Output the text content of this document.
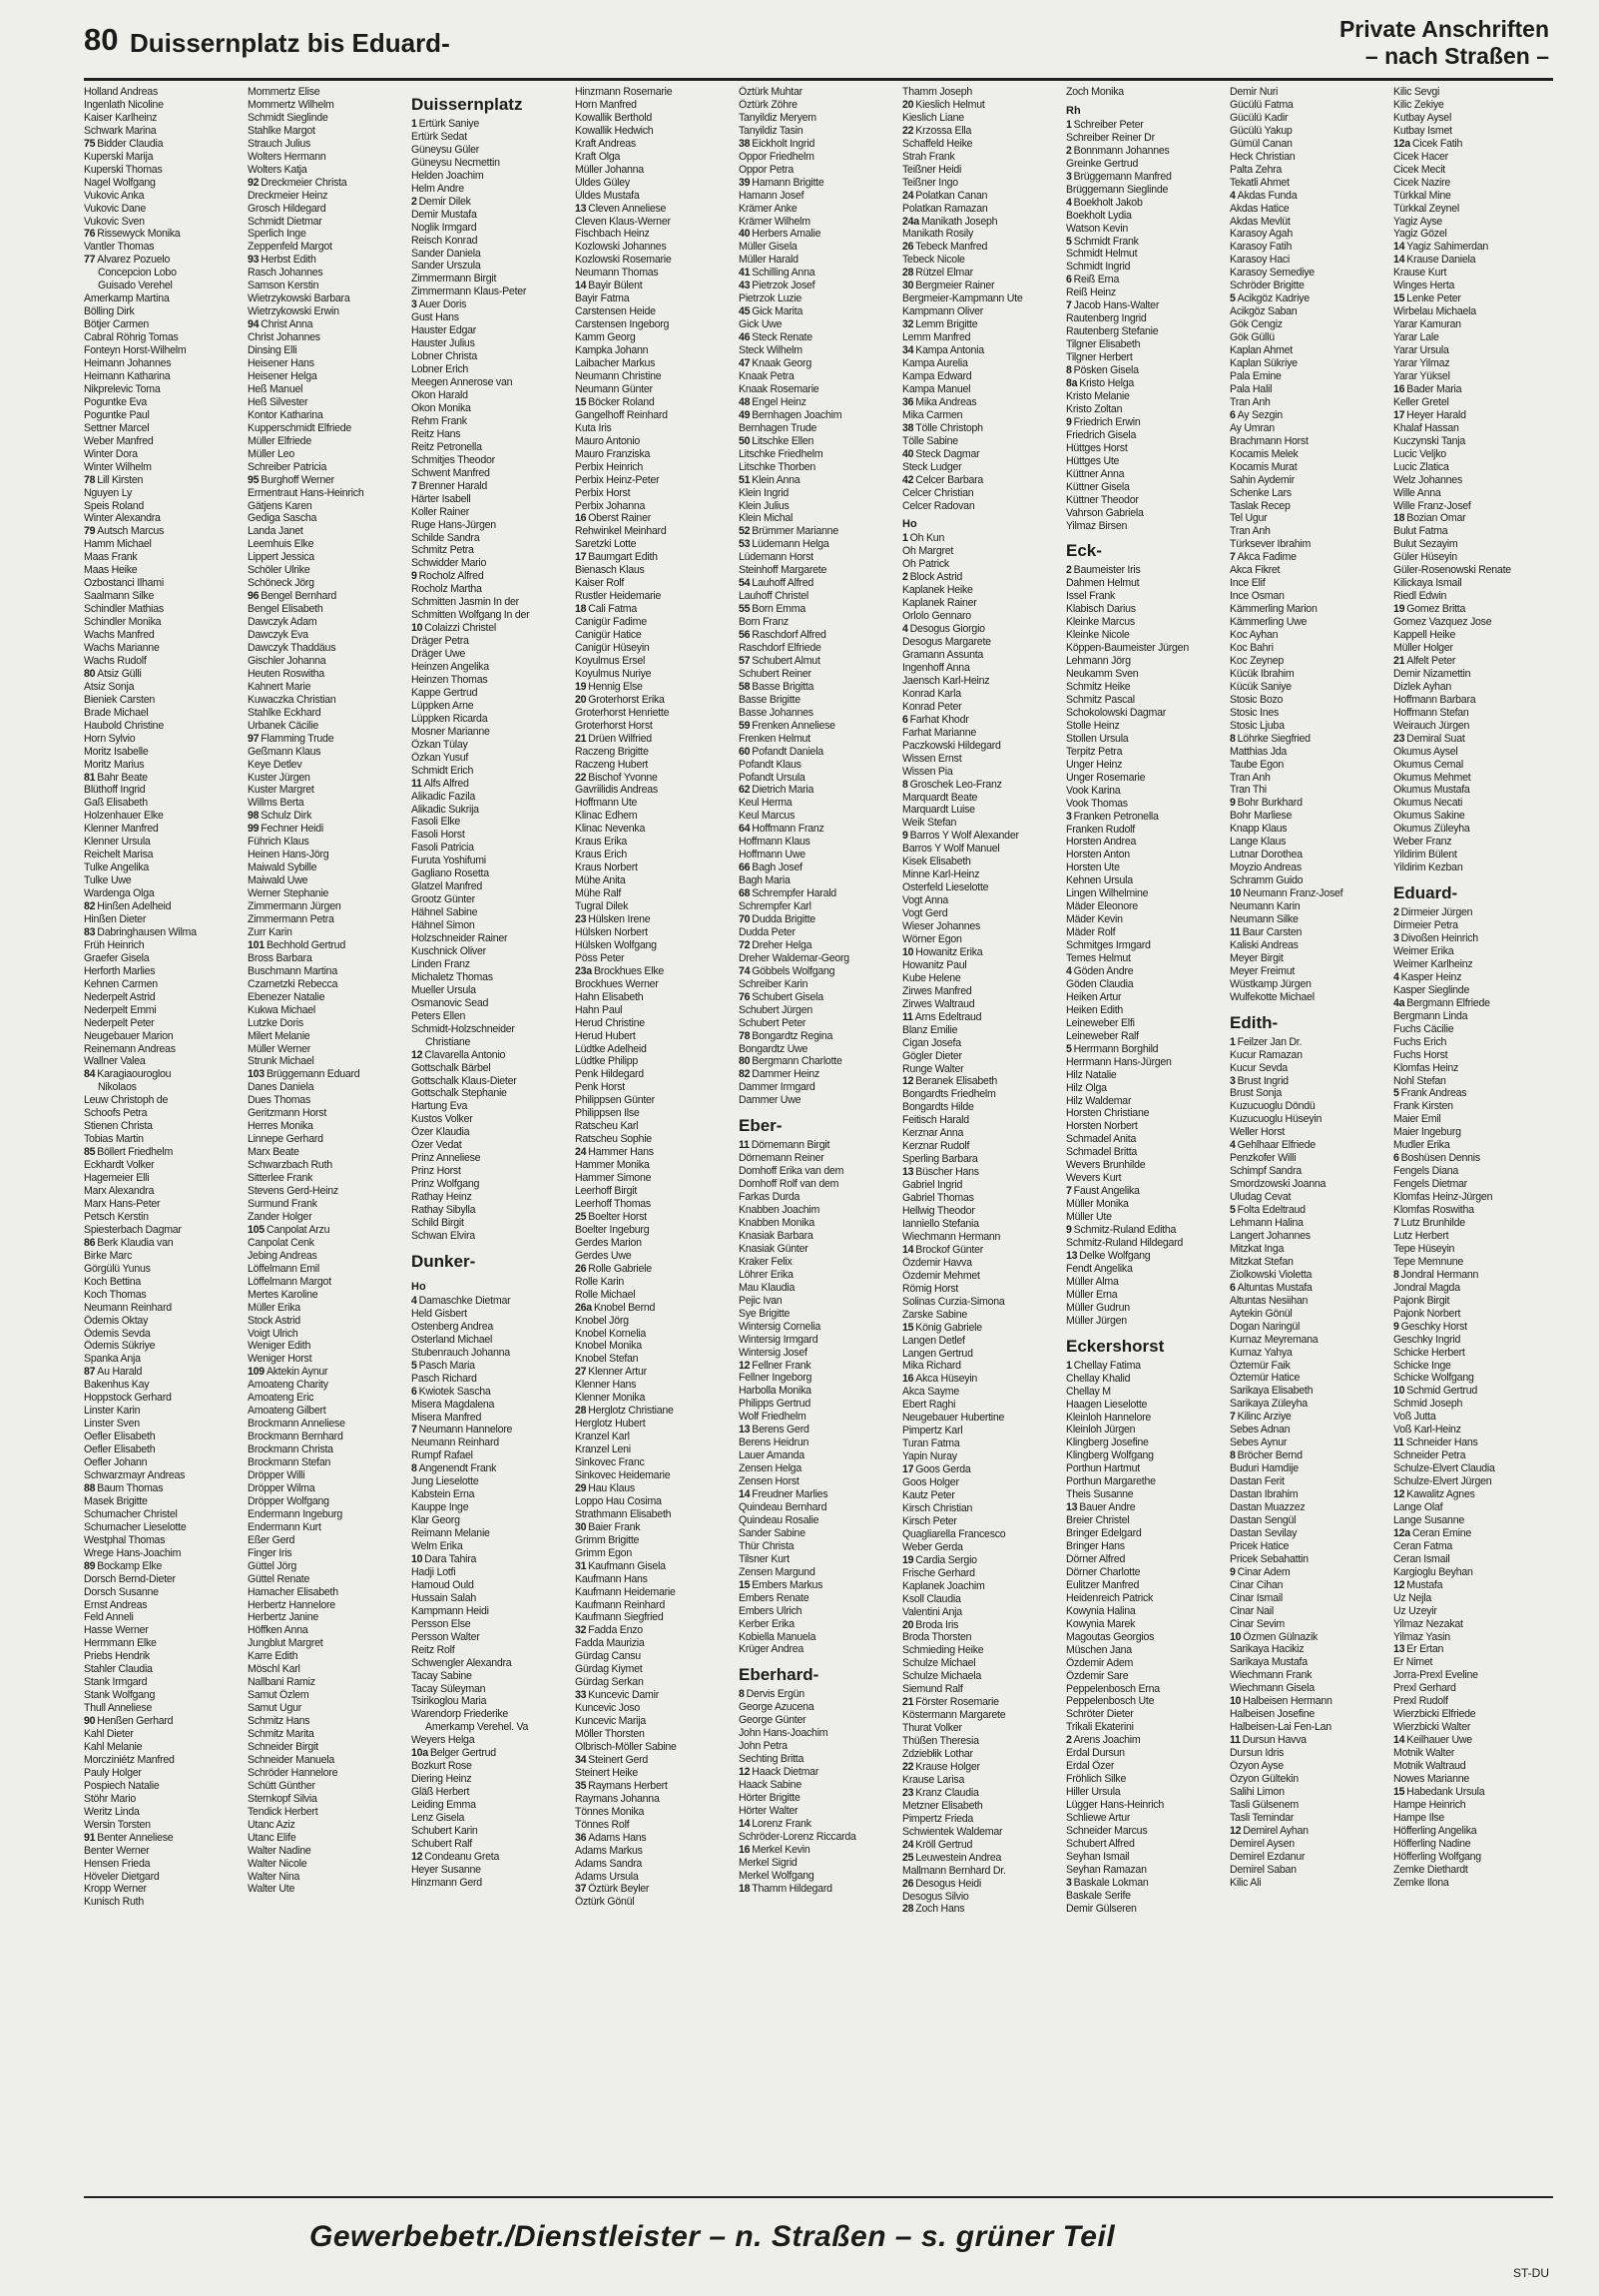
80 Duissernplatz bis Eduard-	Private Anschriften
– nach Straßen –
Holland Andreas
Ingenlath Nicoline
Kaiser Karlheinz
Schwark Marina
75 Bidder Claudia
Kuperski Marija
Kuperski Thomas
Nagel Wolfgang
Vukovic Anka
Vukovic Dane
Vukovic Sven
76 Rissewyck Monika
Vantler Thomas
77 Alvarez Pozuelo
Concepcion Lobo
Guisado Verehel
Amerkamp Martina
Bölling Dirk
Bötjer Carmen
Cabral Röhrig Tomas
Fonteyn Horst-Wilhelm
Heimann Johannes
Heimann Katharina
Nikprelevic Toma
Poguntke Eva
Poguntke Paul
Settner Marcel
Weber Manfred
Winter Dora
Winter Wilhelm
78 Lill Kirsten
Nguyen Ly
Speis Roland
Winter Alexandra
79 Autsch Marcus
Hamm Michael
Maas Frank
Maas Heike
Ozbostanci Ilhami
Saalmann Silke
Schindler Mathias
Schindler Monika
Wachs Manfred
Wachs Marianne
Wachs Rudolf
80 Atsiz Gülli
Atsiz Sonja
Bieniek Carsten
Brade Michael
Haubold Christine
Horn Sylvio
Moritz Isabelle
Moritz Marius
81 Bahr Beate
Blüthoff Ingrid
Gaß Elisabeth
Holzenhauer Elke
Klenner Manfred
Klenner Ursula
Reichelt Marisa
Tulke Angelika
Tulke Uwe
Wardenga Olga
82 Hinßen Adelheid
Hinßen Dieter
83 Dabringhausen Wilma
Früh Heinrich
Graefer Gisela
Herforth Marlies
Kehnen Carmen
Nederpelt Astrid
Nederpelt Emmi
Nederpelt Peter
Neugebauer Marion
Reinemann Andreas
Wallner Valea
84 Karagiaouroglou
Nikolaos
Leuw Christoph de
Schoofs Petra
Stienen Christa
Tobias Martin
85 Böllert Friedhelm
Eckhardt Volker
Hagemeier Elli
Marx Alexandra
Marx Hans-Peter
Petsch Kerstin
Spiesterbach Dagmar
86 Berk Klaudia van
Birke Marc
Görgülü Yunus
Koch Bettina
Koch Thomas
Neumann Reinhard
Ödemis Oktay
Ödemis Sevda
Ödemis Sükriye
Spanka Anja
87 Au Harald
Bakenhus Kay
Hoppstock Gerhard
Linster Karin
Linster Sven
Oefler Elisabeth
Oefler Elisabeth
Oefler Johann
Schwarzmayr Andreas
88 Baum Thomas
Masek Brigitte
Schumacher Christel
Schumacher Lieselotte
Westphal Thomas
Wrege Hans-Joachim
89 Bockamp Elke
Dorsch Bernd-Dieter
Dorsch Susanne
Ernst Andreas
Feld Anneli
Hasse Werner
Hermmann Elke
Priebs Hendrik
Stahler Claudia
Stank Irmgard
Stank Wolfgang
Thull Anneliese
90 Henßen Gerhard
Kahl Dieter
Kahl Melanie
Morcziniétz Manfred
Pauly Holger
Pospiech Natalie
Stöhr Mario
Weritz Linda
Wersin Torsten
91 Benter Anneliese
Benter Werner
Hensen Frieda
Höveler Dietgard
Kropp Werner
Kunisch Ruth
Mommertz Elise
Mommertz Wilhelm
Schmidt Sieglinde
Stahlke Margot
Strauch Julius
Wolters Hermann
Wolters Katja
92 Dreckmeier Christa
Dreckmeier Heinz
Grosch Hildegard
Schmidt Dietmar
Sperlich Inge
Zeppenfeld Margot
93 Herbst Edith
Rasch Johannes
Samson Kerstin
Wietrzykowski Barbara
Wietrzykowski Erwin
94 Christ Anna
Christ Johannes
Dinsing Elli
Heisener Hans
Heisener Helga
Heß Manuel
Heß Silvester
Kontor Katharina
Kupperschmidt Elfriede
Müller Elfriede
Müller Leo
Schreiber Patricia
95 Burghoff Werner
Ermentraut Hans-Heinrich
Gätjens Karen
Gediga Sascha
Landa Janet
Leemhuis Elke
Lippert Jessica
Schöler Ulrike
Schöneck Jörg
96 Bengel Bernhard
Bengel Elisabeth
Dawczyk Adam
Dawczyk Eva
Dawczyk Thaddäus
Gischler Johanna
Heuten Roswitha
Kahnert Marie
Kuwaczka Christian
Stahlke Eckhard
Urbanek Cäcilie
97 Flamming Trude
Geßmann Klaus
Keye Detlev
Kuster Jürgen
Kuster Margret
Willms Berta
98 Schulz Dirk
99 Fechner Heidi
Führich Klaus
Heinen Hans-Jörg
Maiwald Sybille
Maiwald Uwe
Werner Stephanie
Zimmermann Jürgen
Zimmermann Petra
Zurr Karin
101 Bechhold Gertrud
Bross Barbara
Buschmann Martina
Czarnetzki Rebecca
Ebenezer Natalie
Kukwa Michael
Lutzke Doris
Milert Melanie
Müller Werner
Strunk Michael
103 Brüggemann Eduard
Danes Daniela
Dues Thomas
Geritzmann Horst
Herres Monika
Linnepe Gerhard
Marx Beate
Schwarzbach Ruth
Sitterlee Frank
Stevens Gerd-Heinz
Surmund Frank
Zander Holger
105 Canpolat Arzu
Canpolat Cenk
Jebing Andreas
Löffelmann Emil
Löffelmann Margot
Mertes Karoline
Müller Erika
Stock Astrid
Voigt Ulrich
Weniger Edith
Weniger Horst
109 Aktekin Aynur
Amoateng Charity
Amoateng Eric
Amoateng Gilbert
Brockmann Anneliese
Brockmann Bernhard
Brockmann Christa
Brockmann Stefan
Dröpper Willi
Dröpper Wilma
Dröpper Wolfgang
Endermann Ingeburg
Endermann Kurt
Eßer Gerd
Finger Iris
Güttel Jörg
Güttel Renate
Hamacher Elisabeth
Herbertz Hannelore
Herbertz Janine
Höffken Anna
Jungblut Margret
Karre Edith
Möschl Karl
Nallbani Ramiz
Samut Özlem
Samut Ugur
Schmitz Hans
Schmitz Marita
Schneider Birgit
Schneider Manuela
Schröder Hannelore
Schütt Günther
Sternkopf Silvia
Tendick Herbert
Utanc Aziz
Utanc Elife
Walter Nadine
Walter Nicole
Walter Nina
Walter Ute
Duissernplatz
1 Ertürk Saniye
Ertürk Sedat
Güneysu Güler
Güneysu Necmettin
Helden Joachim
Helm Andre
2 Demir Dilek
Demir Mustafa
Noglik Irmgard
Reisch Konrad
Sander Daniela
Sander Urszula
Zimmermann Birgit
Zimmermann Klaus-Peter
3 Auer Doris
Gust Hans
Hauster Edgar
Hauster Julius
Lobner Christa
Lobner Erich
Meegen Annerose van
Okon Harald
Okon Monika
Rehm Frank
Reitz Hans
Reitz Petronella
Schmitjes Theodor
Schwent Manfred
7 Brenner Harald
Härter Isabell
Koller Rainer
Ruge Hans-Jürgen
Schilde Sandra
Schmitz Petra
Schwidder Mario
9 Rocholz Alfred
Rocholz Martha
Schmitten Jasmin In der
Schmitten Wolfgang In der
10 Colaizzi Christel
Dräger Petra
Dräger Uwe
Heinzen Angelika
Heinzen Thomas
Kappe Gertrud
Lüppken Arne
Lüppken Ricarda
Mosner Marianne
Özkan Tülay
Özkan Yusuf
Schmidt Erich
11 Alfs Alfred
Alikadic Fazila
Alikadic Sukrija
Fasoli Elke
Fasoli Horst
Fasoli Patricia
Furuta Yoshifumi
Gagliano Rosetta
Glatzel Manfred
Grootz Günter
Hähnel Sabine
Hähnel Simon
Holzschneider Rainer
Kuschnick Oliver
Linden Franz
Michaletz Thomas
Mueller Ursula
Osmanovic Sead
Peters Ellen
Schmidt-Holzschneider
Christiane
12 Clavarella Antonio
Gottschalk Bärbel
Gottschalk Klaus-Dieter
Gottschalk Stephanie
Hartung Eva
Kustos Volker
Özer Klaudia
Özer Vedat
Prinz Anneliese
Prinz Horst
Prinz Wolfgang
Rathay Heinz
Rathay Sibylla
Schild Birgit
Schwan Elvira
Dunker-
Ho
4 Damaschke Dietmar
Held Gisbert
Ostenberg Andrea
Osterland Michael
Stubenrauch Johanna
5 Pasch Maria
Pasch Richard
6 Kwiotek Sascha
Misera Magdalena
Misera Manfred
7 Neumann Hannelore
Neumann Reinhard
Rumpf Rafael
8 Angenendt Frank
Jung Lieselotte
Kabstein Erna
Kauppe Inge
Klar Georg
Reimann Melanie
Welm Erika
10 Dara Tahira
Hadji Lotfi
Hamoud Ould
Hussain Salah
Kampmann Heidi
Persson Else
Persson Walter
Reitz Rolf
Schwengler Alexandra
Tacay Sabine
Tacay Süleyman
Tsirikoglou Maria
Warendorp Friederike
Amerkamp Verehel. Va
Weyers Helga
10a Belger Gertrud
Bozkurt Rose
Diering Heinz
Gläß Herbert
Leiding Emma
Lenz Gisela
Schubert Karin
Schubert Ralf
12 Condeanu Greta
Heyer Susanne
Hinzmann Gerd
Hinzmann Rosemarie
Horn Manfred
Kowallik Berthold
Kowallik Hedwich
Kraft Andreas
Kraft Olga
Müller Johanna
Üldes Güley
Üldes Mustafa
13 Cleven Anneliese
Cleven Klaus-Werner
Fischbach Heinz
Kozlowski Johannes
Kozlowski Rosemarie
Neumann Thomas
14 Bayir Bülent
Bayir Fatma
Carstensen Heide
Carstensen Ingeborg
Kamm Georg
Kampka Johann
Laibacher Markus
Neumann Christine
Neumann Günter
15 Böcker Roland
Gangelhoff Reinhard
Kuta Iris
Mauro Antonio
Mauro Franziska
Perbix Heinrich
Perbix Heinz-Peter
Perbix Horst
Perbix Johanna
16 Oberst Rainer
Rehwinkel Meinhard
Saretzki Lotte
17 Baumgart Edith
Bienasch Klaus
Kaiser Rolf
Rustler Heidemarie
18 Cali Fatma
Canigür Fadime
Canigür Hatice
Canigür Hüseyin
Koyulmus Ersel
Koyulmus Nuriye
19 Hennig Else
20 Groterhorst Erika
Groterhorst Henriette
Groterhorst Horst
21 Drüen Wilfried
Raczeng Brigitte
Raczeng Hubert
22 Bischof Yvonne
Gavriilidis Andreas
Hoffmann Ute
Klinac Edhem
Klinac Nevenka
Kraus Erika
Kraus Erich
Kraus Norbert
Mühe Anita
Mühe Ralf
Tugral Dilek
23 Hülsken Irene
Hülsken Norbert
Hülsken Wolfgang
Pöss Peter
23a Brockhues Elke
Brockhues Werner
Hahn Elisabeth
Hahn Paul
Herud Christine
Herud Hubert
Lüdtke Adelheid
Lüdtke Philipp
Penk Hildegard
Penk Horst
Philippsen Günter
Philippsen Ilse
Ratscheu Karl
Ratscheu Sophie
24 Hammer Hans
Hammer Monika
Hammer Simone
Leerhoff Birgit
Leerhoff Thomas
25 Boelter Horst
Boelter Ingeburg
Gerdes Marion
Gerdes Uwe
26 Rolle Gabriele
Rolle Karin
Rolle Michael
26a Knobel Bernd
Knobel Jörg
Knobel Kornelia
Knobel Monika
Knobel Stefan
27 Klenner Artur
Klenner Hans
Klenner Monika
28 Herglotz Christiane
Herglotz Hubert
Kranzel Karl
Kranzel Leni
Sinkovec Franc
Sinkovec Heidemarie
29 Hau Klaus
Loppo Hau Cosima
Strathmann Elisabeth
30 Baier Frank
Grimm Brigitte
Grimm Egon
31 Kaufmann Gisela
Kaufmann Hans
Kaufmann Heidemarie
Kaufmann Reinhard
Kaufmann Siegfried
32 Fadda Enzo
Fadda Maurizia
Gürdag Cansu
Gürdag Kiymet
Gürdag Serkan
33 Kuncevic Damir
Kuncevic Joso
Kuncevic Marija
Möller Thorsten
Olbrisch-Möller Sabine
34 Steinert Gerd
Steinert Heike
35 Raymans Herbert
Raymans Johanna
Tönnes Monika
Tönnes Rolf
36 Adams Hans
Adams Markus
Adams Sandra
Adams Ursula
37 Öztürk Beyler
Öztürk Gönül
Öztürk Muhtar
Öztürk Zöhre
Tanyildiz Meryem
Tanyildiz Tasin
38 Eickholt Ingrid
Oppor Friedhelm
Oppor Petra
39 Hamann Brigitte
Hamann Josef
Krämer Anke
Krämer Wilhelm
40 Herbers Amalie
Müller Gisela
Müller Harald
41 Schilling Anna
43 Pietrzok Josef
Pietrzok Luzie
45 Gick Marita
Gick Uwe
46 Steck Renate
Steck Wilhelm
47 Knaak Georg
Knaak Petra
Knaak Rosemarie
48 Engel Heinz
49 Bernhagen Joachim
Bernhagen Trude
50 Litschke Ellen
Litschke Friedhelm
Litschke Thorben
51 Klein Anna
Klein Ingrid
Klein Julius
Klein Michal
52 Brümmer Marianne
53 Lüdemann Helga
Lüdemann Horst
Steinhoff Margarete
54 Lauhoff Alfred
Lauhoff Christel
55 Born Emma
Born Franz
56 Raschdorf Alfred
Raschdorf Elfriede
57 Schubert Almut
Schubert Reiner
58 Basse Brigitta
Basse Brigitte
Basse Johannes
59 Frenken Anneliese
Frenken Helmut
60 Pofandt Daniela
Pofandt Klaus
Pofandt Ursula
62 Dietrich Maria
Keul Herma
Keul Marcus
64 Hoffmann Franz
Hoffmann Klaus
Hoffmann Uwe
66 Bagh Josef
Bagh Maria
68 Schrempfer Harald
Schrempfer Karl
70 Dudda Brigitte
Dudda Peter
72 Dreher Helga
Dreher Waldemar-Georg
74 Göbbels Wolfgang
Schreiber Karin
76 Schubert Gisela
Schubert Jürgen
Schubert Peter
78 Bongardtz Regina
Bongardtz Uwe
80 Bergmann Charlotte
82 Dammer Heinz
Dammer Irmgard
Dammer Uwe
Eber-
11 Dörnemann Birgit
Dörnemann Reiner
Domhoff Erika van dem
Domhoff Rolf van dem
Farkas Durda
Knabben Joachim
Knabben Monika
Knasiak Barbara
Knasiak Günter
Kraker Felix
Löhrer Erika
Mau Klaudia
Pejic Ivan
Sye Brigitte
Wintersig Cornelia
Wintersig Irmgard
Wintersig Josef
12 Fellner Frank
Fellner Ingeborg
Harbolla Monika
Philipps Gertrud
Wolf Friedhelm
13 Berens Gerd
Berens Heidrun
Lauer Amanda
Zensen Helga
Zensen Horst
14 Freudner Marlies
Quindeau Bernhard
Quindeau Rosalie
Sander Sabine
Thür Christa
Tilsner Kurt
Zensen Margund
15 Embers Markus
Embers Renate
Embers Ulrich
Kerber Erika
Kobiella Manuela
Krüger Andrea
Eberhard-
8 Dervis Ergün
George Azucena
George Günter
John Hans-Joachim
John Petra
Sechting Britta
12 Haack Dietmar
Haack Sabine
Hörter Brigitte
Hörter Walter
14 Lorenz Frank
Schröder-Lorenz Riccarda
16 Merkel Kevin
Merkel Sigrid
Merkel Wolfgang
18 Thamm Hildegard
Thamm Joseph
20 Kieslich Helmut
Kieslich Liane
22 Krzossa Ella
Schaffeld Heike
Strah Frank
Teißner Heidi
Teißner Ingo
24 Polatkan Canan
Polatkan Ramazan
24a Manikath Joseph
Manikath Rosily
26 Tebeck Manfred
Tebeck Nicole
28 Rützel Elmar
30 Bergmeier Rainer
Bergmeier-Kampmann Ute
Kampmann Oliver
32 Lemm Brigitte
Lemm Manfred
34 Kampa Antonia
Kampa Aurelia
Kampa Edward
Kampa Manuel
36 Mika Andreas
Mika Carmen
38 Tölle Christoph
Tölle Sabine
40 Steck Dagmar
Steck Ludger
42 Celcer Barbara
Celcer Christian
Celcer Radovan
Ho
1 Oh Kun
Oh Margret
Oh Patrick
2 Block Astrid
Kaplanek Heike
Kaplanek Rainer
Orlolo Gennaro
4 Desogus Giorgio
Desogus Margarete
Gramann Assunta
Ingenhoff Anna
Jaensch Karl-Heinz
Konrad Karla
Konrad Peter
6 Farhat Khodr
Farhat Marianne
Paczkowski Hildegard
Wissen Ernst
Wissen Pia
8 Groschek Leo-Franz
Marquardt Beate
Marquardt Luise
Weik Stefan
9 Barros Y Wolf Alexander
Barros Y Wolf Manuel
Kisek Elisabeth
Minne Karl-Heinz
Osterfeld Lieselotte
Vogt Anna
Vogt Gerd
Wieser Johannes
Wörner Egon
10 Howanitz Erika
Howanitz Paul
Kube Helene
Zirwes Manfred
Zirwes Waltraud
11 Arns Edeltraud
Blanz Emilie
Cigan Josefa
Gögler Dieter
Runge Walter
12 Beranek Elisabeth
Bongardts Friedhelm
Bongardts Hilde
Feitisch Harald
Kerznar Anna
Kerznar Rudolf
Sperling Barbara
13 Büscher Hans
Gabriel Ingrid
Gabriel Thomas
Hellwig Theodor
Ianniello Stefania
Wiechmann Hermann
14 Brockof Günter
Özdemir Havva
Özdemir Mehmet
Römig Horst
Solinas Curzia-Simona
Zarske Sabine
15 König Gabriele
Langen Detlef
Langen Gertrud
Mika Richard
16 Akca Hüseyin
Akca Sayme
Ebert Raghi
Neugebauer Hubertine
Pimpertz Karl
Turan Fatma
Yapin Nuray
17 Goos Gerda
Goos Holger
Kautz Peter
Kirsch Christian
Kirsch Peter
Quagliarella Francesco
Weber Gerda
19 Cardia Sergio
Frische Gerhard
Kaplanek Joachim
Ksoll Claudia
Valentini Anja
20 Broda Iris
Broda Thorsten
Schmieding Heike
Schulze Michael
Schulze Michaela
Siemund Ralf
21 Förster Rosemarie
Köstermann Margarete
Thurat Volker
Thüßen Theresia
Zdziebłik Lothar
22 Krause Holger
Krause Larisa
23 Kranz Claudia
Metzner Elisabeth
Pimpertz Frieda
Schwientek Waldemar
24 Kröll Gertrud
25 Leuwestein Andrea
Mallmann Bernhard Dr.
26 Desogus Heidi
Desogus Silvio
28 Zoch Hans
Zoch Monika
Rh
1 Schreiber Peter
Schreiber Reiner Dr
2 Bonnmann Johannes
Greinke Gertrud
3 Brüggemann Manfred
Brüggemann Sieglinde
4 Boekholt Jakob
Boekholt Lydia
Watson Kevin
5 Schmidt Frank
Schmidt Helmut
Schmidt Ingrid
6 Reiß Erna
Reiß Heinz
7 Jacob Hans-Walter
Rautenberg Ingrid
Rautenberg Stefanie
Tilgner Elisabeth
Tilgner Herbert
8 Pösken Gisela
8a Kristo Helga
Kristo Melanie
Kristo Zoltan
9 Friedrich Erwin
Friedrich Gisela
Hüttges Horst
Hüttges Ute
Küttner Anna
Küttner Gisela
Küttner Theodor
Vahrson Gabriela
Yilmaz Birsen
Eck-
2 Baumeister Iris
Dahmen Helmut
Issel Frank
Klabisch Darius
Kleinke Marcus
Kleinke Nicole
Köppen-Baumeister Jürgen
Lehmann Jörg
Neukamm Sven
Schmitz Heike
Schmitz Pascal
Schokolowski Dagmar
Stolle Heinz
Stollen Ursula
Terpitz Petra
Unger Heinz
Unger Rosemarie
Vook Karina
Vook Thomas
3 Franken Petronella
Franken Rudolf
Horsten Andrea
Horsten Anton
Horsten Ute
Kehnen Ursula
Lingen Wilhelmine
Mäder Eleonore
Mäder Kevin
Mäder Rolf
Schmitges Irmgard
Temes Helmut
4 Göden Andre
Göden Claudia
Heiken Artur
Heiken Edith
Leineweber Elfi
Leineweber Ralf
5 Herrmann Borghild
Herrmann Hans-Jürgen
Hilz Natalie
Hilz Olga
Hilz Waldemar
Horsten Christiane
Horsten Norbert
Schmadel Anita
Schmadel Britta
Wevers Brunhilde
Wevers Kurt
7 Faust Angelika
Müller Monika
Müller Ute
9 Schmitz-Ruland Editha
Schmitz-Ruland Hildegard
13 Delke Wolfgang
Fendt Angelika
Müller Alma
Müller Erna
Müller Gudrun
Müller Jürgen
Eckershorst
1 Chellay Fatima
Chellay Khalid
Chellay M
Haagen Lieselotte
Kleinloh Hannelore
Kleinloh Jürgen
Klingberg Josefine
Klingberg Wolfgang
Porthun Hartmut
Porthun Margarethe
Theis Susanne
13 Bauer Andre
Breier Christel
Bringer Edelgard
Bringer Hans
Dörner Alfred
Dörner Charlotte
Eulitzer Manfred
Heidenreich Patrick
Kowynia Halina
Kowynia Marek
Magoutas Georgios
Müschen Jana
Özdemir Adem
Özdemir Sare
Peppelenbosch Erna
Peppelenbosch Ute
Schröter Dieter
Trikali Ekaterini
2 Arens Joachim
Erdal Dursun
Erdal Özer
Fröhlich Silke
Hiller Ursula
Lügger Hans-Heinrich
Schliewe Artur
Schneider Marcus
Schubert Alfred
Seyhan Ismail
Seyhan Ramazan
3 Baskale Lokman
Baskale Serife
Demir Gülseren
Demir Nuri
Gücülü Fatma
Gücülü Kadir
Gücülü Yakup
Gümül Canan
Heck Christian
Palta Zehra
Tekatli Ahmet
4 Akdas Funda
Akdas Hatice
Akdas Mevlüt
Karasoy Agah
Karasoy Fatih
Karasoy Haci
Karasoy Semediye
Schröder Brigitte
5 Acikgöz Kadriye
Acikgöz Saban
Gök Cengiz
Gök Güllü
Kaplan Ahmet
Kaplan Sükriye
Pala Emine
Pala Halil
Tran Anh
6 Ay Sezgin
Ay Umran
Brachmann Horst
Kocamis Melek
Kocamis Murat
Sahin Aydemir
Schenke Lars
Taslak Recep
Tel Ugur
Tran Anh
Türksever Ibrahim
7 Akca Fadime
Akca Fikret
Ince Elif
Ince Osman
Kämmerling Marion
Kämmerling Uwe
Koc Ayhan
Koc Bahri
Koc Zeynep
Kücük Ibrahim
Kücük Saniye
Stosic Bozo
Stosic Ines
Stosic Ljuba
8 Löhrke Siegfried
Matthias Jda
Taube Egon
Tran Anh
Tran Thi
9 Bohr Burkhard
Bohr Marliese
Knapp Klaus
Lange Klaus
Lutnar Dorothea
Moyzio Andreas
Schramm Guido
10 Neumann Franz-Josef
Neumann Karin
Neumann Silke
11 Baur Carsten
Kaliski Andreas
Meyer Birgit
Meyer Freimut
Wüstkamp Jürgen
Wulfekotte Michael
Edith-
1 Feilzer Jan Dr.
Kucur Ramazan
Kucur Sevda
3 Brust Ingrid
Brust Sonja
Kuzucuoglu Döndü
Kuzucuoglu Hüseyin
Weller Horst
4 Gehlhaar Elfriede
Penzkofer Willi
Schimpf Sandra
Smordzowski Joanna
Uludag Cevat
5 Folta Edeltraud
Lehmann Halina
Langert Johannes
Mitzkat Inga
Mitzkat Stefan
Ziolkowski Violetta
6 Altuntas Mustafa
Altuntas Nesiihan
Aytekin Gönül
Dogan Naringül
Kurnaz Meyremana
Kurnaz Yahya
Öztemür Faik
Öztemür Hatice
Sarikaya Elisabeth
Sarikaya Züleyha
7 Kilinc Arziye
Sebes Adnan
Sebes Aynur
8 Bröcher Bernd
Buduri Hamdije
Dastan Ferit
Dastan Ibrahim
Dastan Muazzez
Dastan Sengül
Dastan Sevilay
Pricek Hatice
Pricek Sebahattin
9 Cinar Adem
Cinar Cihan
Cinar Ismail
Cinar Nail
Cinar Sevim
10 Özmen Gülnazik
Sarikaya Hacikiz
Sarikaya Mustafa
Wiechmann Frank
Wiechmann Gisela
10 Halbeisen Hermann
Halbeisen Josefine
Halbeisen-Lai Fen-Lan
11 Dursun Havva
Dursun Idris
Özyon Ayse
Özyon Gültekin
Salihi Limon
Tasli Gülsenem
Tasli Temindar
12 Demirel Ayhan
Demirel Aysen
Demirel Ezdanur
Demirel Saban
Kilic Ali
Kilic Sevgi
Kilic Zekiye
Kutbay Aysel
Kutbay Ismet
12a Cicek Fatih
Cicek Hacer
Cicek Mecit
Cicek Nazire
Türkkal Mine
Türkkal Zeynel
Yagiz Ayse
Yagiz Gözel
14 Yagiz Sahimerdan
14 Krause Daniela
Krause Kurt
Winges Herta
15 Lenke Peter
Wirbelau Michaela
Yarar Kamuran
Yarar Lale
Yarar Ursula
Yarar Yilmaz
Yarar Yüksel
16 Bader Maria
Keller Gretel
17 Heyer Harald
Khalaf Hassan
Kuczynski Tanja
Lucic Veljko
Lucic Zlatica
Welz Johannes
Wille Anna
Wille Franz-Josef
18 Bozian Omar
Bulut Fatma
Bulut Sezayim
Güler Hüseyin
Güler-Rosenowski Renate
Kilickaya Ismail
Riedl Edwin
19 Gomez Britta
Gomez Vazquez Jose
Kappell Heike
Müller Holger
21 Alfelt Peter
Demir Nizamettin
Dizlek Ayhan
Hoffmann Barbara
Hoffmann Stefan
Weirauch Jürgen
23 Demiral Suat
Okumus Aysel
Okumus Cemal
Okumus Mehmet
Okumus Mustafa
Okumus Necati
Okumus Sakine
Okumus Züleyha
Weber Franz
Yildirim Bülent
Yildirim Kezban
Eduard-
2 Dirmeier Jürgen
Dirmeier Petra
3 Divoßen Heinrich
Weimer Erika
Weimer Karlheinz
4 Kasper Heinz
Kasper Sieglinde
4a Bergmann Elfriede
Bergmann Linda
Fuchs Cäcilie
Fuchs Erich
Fuchs Horst
Klomfas Heinz
Nohl Stefan
5 Frank Andreas
Frank Kirsten
Maier Emil
Maier Ingeburg
Mudler Erika
6 Boshüsen Dennis
Fengels Diana
Fengels Dietmar
Klomfas Heinz-Jürgen
Klomfas Roswitha
7 Lutz Brunhilde
Lutz Herbert
Tepe Hüseyin
Tepe Memnune
8 Jondral Hermann
Jondral Magda
Pajonk Birgit
Pajonk Norbert
9 Geschky Horst
Geschky Ingrid
Schicke Herbert
Schicke Inge
Schicke Wolfgang
10 Schmid Gertrud
Schmid Joseph
Voß Jutta
Voß Karl-Heinz
11 Schneider Hans
Schneider Petra
Schulze-Elvert Claudia
Schulze-Elvert Jürgen
12 Kawalitz Agnes
Lange Olaf
Lange Susanne
12a Ceran Emine
Ceran Fatma
Ceran Ismail
Kargioglu Beyhan
12 Mustafa
Uz Nejla
Uz Uzeyir
Yilmaz Nezakat
Yilmaz Yasin
13 Er Ertan
Er Nimet
Jorra-Prexl Eveline
Prexl Gerhard
Prexl Rudolf
Wierzbicki Elfriede
Wierzbicki Walter
14 Keilhauer Uwe
Motnik Walter
Motnik Waltraud
Nowes Marianne
15 Habedank Ursula
Hampe Heinrich
Hampe Ilse
Höfferling Angelika
Höfferling Nadine
Höfferling Wolfgang
Zemke Diethardt
Zemke Ilona
Gewerbebetr./Dienstleister – n. Straßen – s. grüner Teil
ST-DU
